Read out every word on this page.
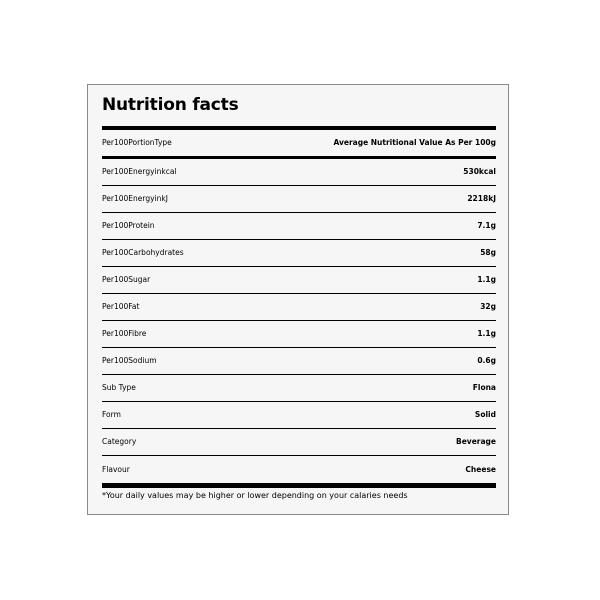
Nutrition facts
Per100PortionType	Average Nutritional Value As Per 100g
Per100Energyinkcal	530kcal
Per100EnergyinkJ	2218kJ
Per100Protein	7.1g
Per100Carbohydrates	58g
Per100Sugar	1.1g
Per100Fat	32g
Per100Fibre	1.1g
Per100Sodium	0.6g
Sub Type	Flona
Form	Solid
Category	Beverage
Flavour	Cheese
*Your daily values may be higher or lower depending on your calaries needs
